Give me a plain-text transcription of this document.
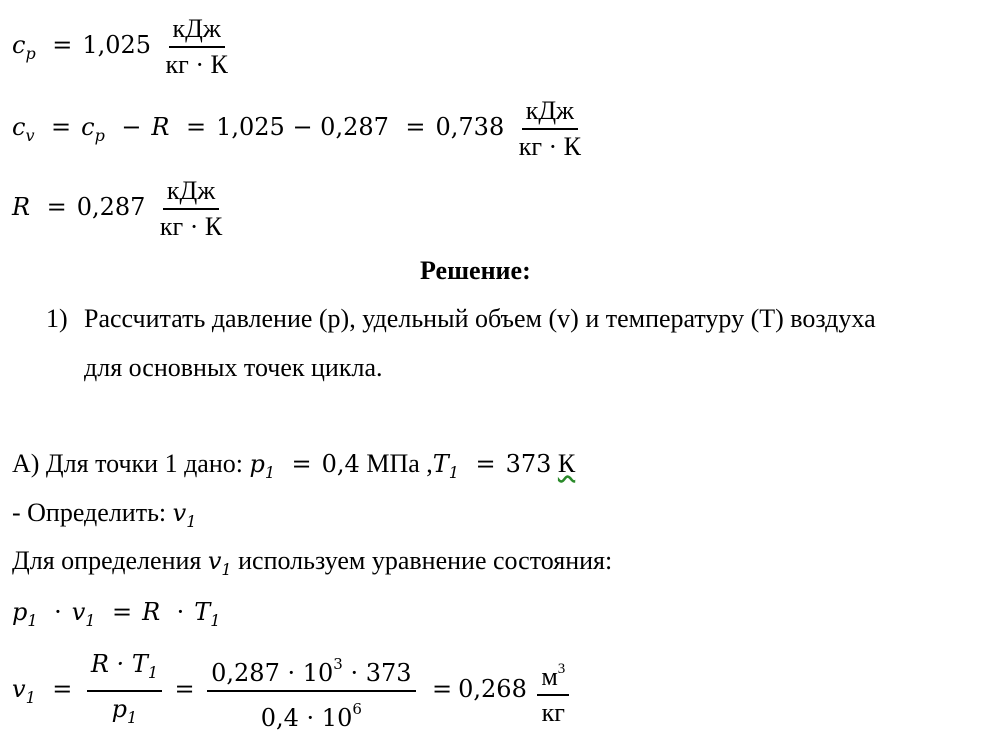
$c_p = 1,025 \frac{\text{кДж}}{кг \cdot К}$
$c_v = c_p - R = 1,025 - 0,287 = 0,738 \frac{\text{кДж}}{кг \cdot К}$
$R = 0,287 \frac{\text{кДж}}{кг \cdot К}$
Решение:
1) Рассчитать давление (р), удельный объем (v) и температуру (Т) воздуха
для основных точек цикла.
А) Для точки 1 дано: $p_1 = 0,4$ МПа $,T_1 = 373$ К
- Определить: $v_1$
Для определения $v_1$ используем уравнение состояния:
$p_1 \cdot v_1 = R \cdot T_1$
$v_1 = \frac{R \cdot T_1}{p_1} = \frac{0,287 \cdot 10^3 \cdot 373}{0,4 \cdot 10^6} = 0,268 \frac{м^3}{кг}$
